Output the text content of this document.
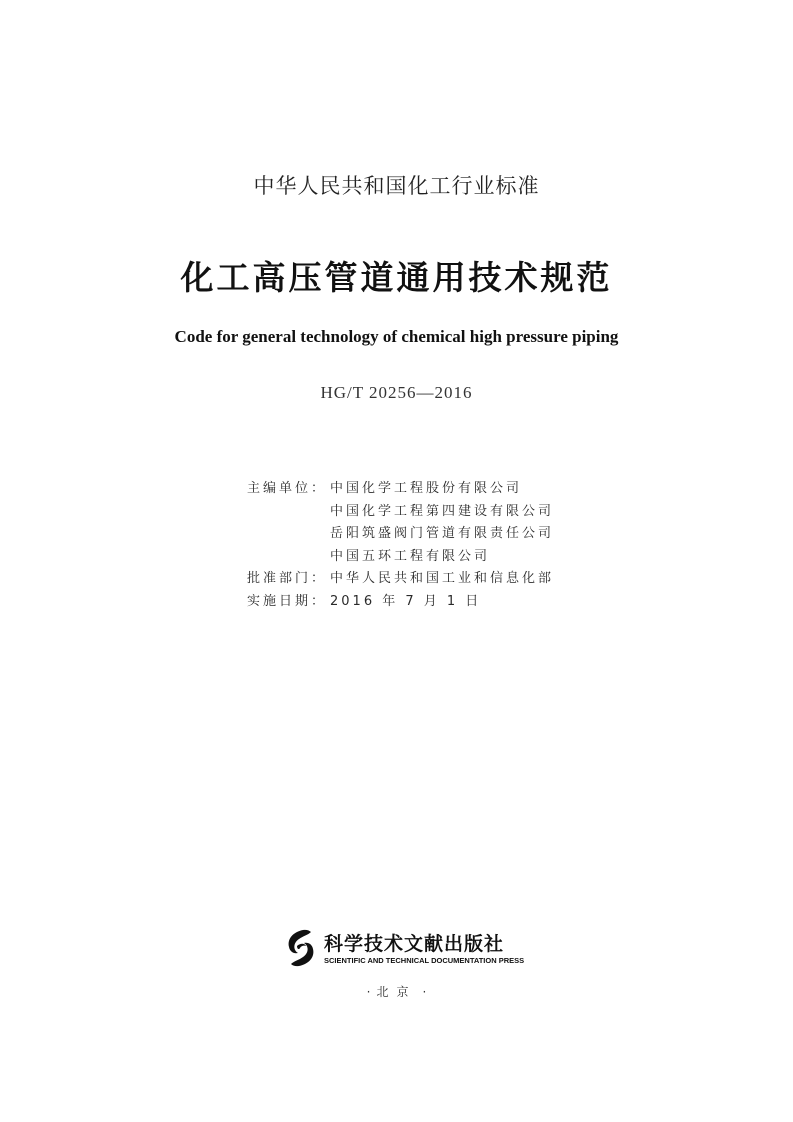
中华人民共和国化工行业标准
化工高压管道通用技术规范
Code for general technology of chemical high pressure piping
HG/T 20256—2016
主编单位： 中国化学工程股份有限公司
中国化学工程第四建设有限公司
岳阳筑盛阀门管道有限责任公司
中国五环工程有限公司
批准部门： 中华人民共和国工业和信息化部
实施日期： 2016 年 7 月 1 日
科学技术文献出版社
SCIENTIFIC AND TECHNICAL DOCUMENTATION PRESS
· 北京 ·
